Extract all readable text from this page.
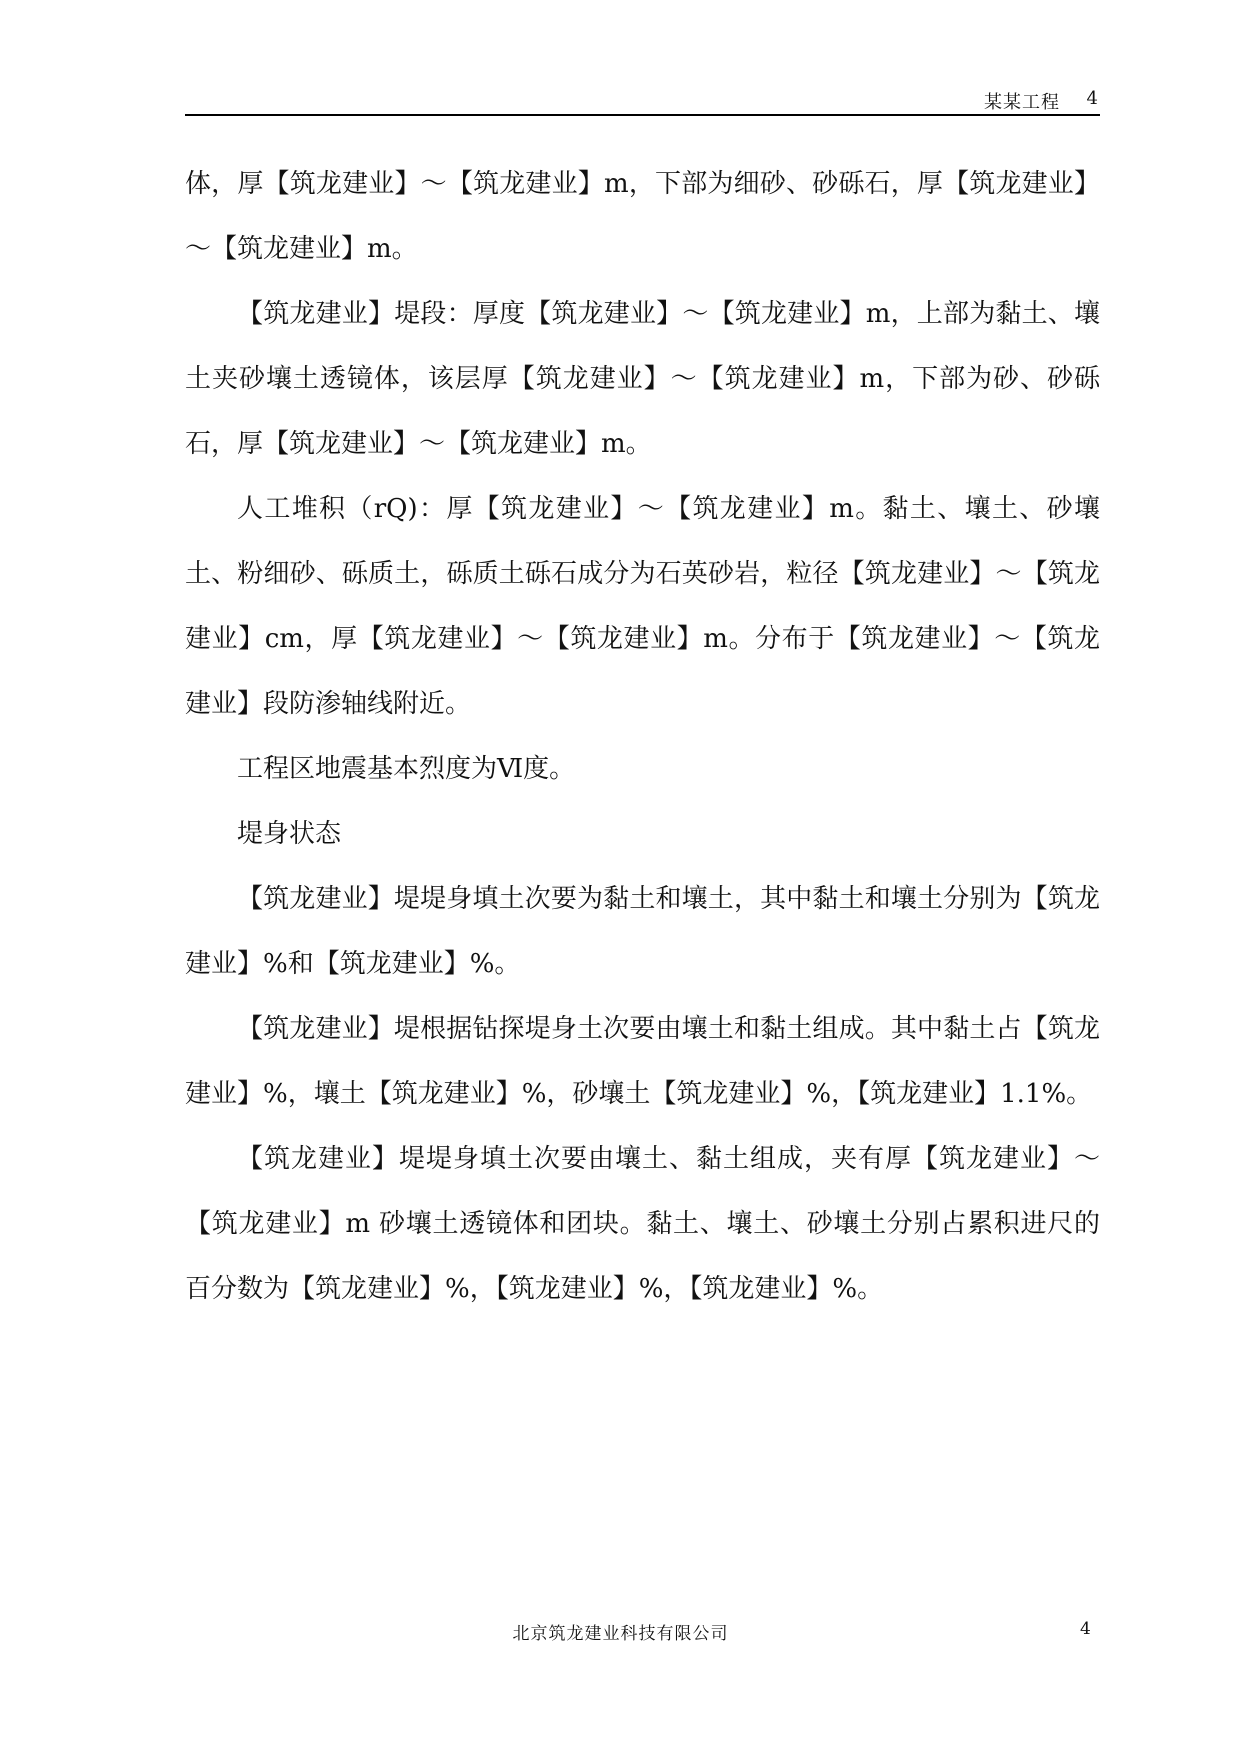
某某工程 4

体，厚【筑龙建业】～【筑龙建业】m，下部为细砂、砂砾石，厚【筑龙建业】～【筑龙建业】m。

【筑龙建业】堤段：厚度【筑龙建业】～【筑龙建业】m，上部为黏土、壤土夹砂壤土透镜体，该层厚【筑龙建业】～【筑龙建业】m，下部为砂、砂砾石，厚【筑龙建业】～【筑龙建业】m。

人工堆积（rQ)：厚【筑龙建业】～【筑龙建业】m。黏土、壤土、砂壤土、粉细砂、砾质土，砾质土砾石成分为石英砂岩，粒径【筑龙建业】～【筑龙建业】cm，厚【筑龙建业】～【筑龙建业】m。分布于【筑龙建业】～【筑龙建业】段防渗轴线附近。

工程区地震基本烈度为Ⅵ度。

堤身状态

【筑龙建业】堤堤身填土次要为黏土和壤土，其中黏土和壤土分别为【筑龙建业】%和【筑龙建业】%。

【筑龙建业】堤根据钻探堤身土次要由壤土和黏土组成。其中黏土占【筑龙建业】%，壤土【筑龙建业】%，砂壤土【筑龙建业】%，【筑龙建业】1.1%。

【筑龙建业】堤堤身填土次要由壤土、黏土组成，夹有厚【筑龙建业】～【筑龙建业】m 砂壤土透镜体和团块。黏土、壤土、砂壤土分别占累积进尺的百分数为【筑龙建业】%，【筑龙建业】%，【筑龙建业】%。

北京筑龙建业科技有限公司	4
